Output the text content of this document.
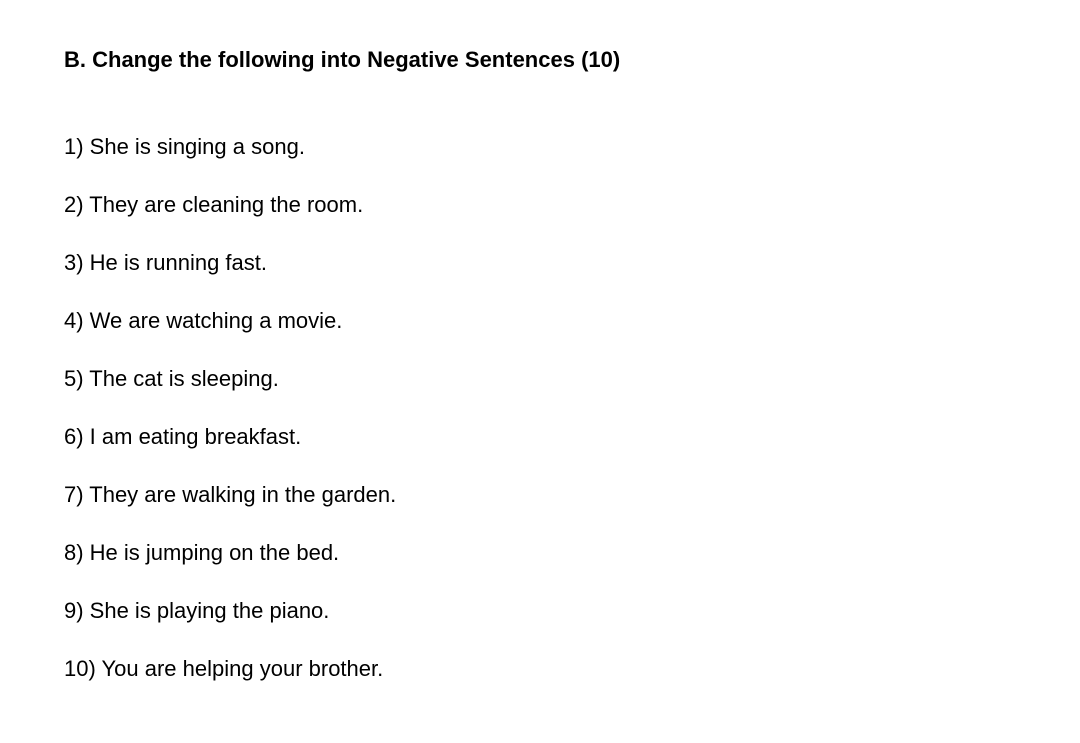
B. Change the following into Negative Sentences (10)
1) She is singing a song.
2) They are cleaning the room.
3) He is running fast.
4) We are watching a movie.
5) The cat is sleeping.
6) I am eating breakfast.
7) They are walking in the garden.
8) He is jumping on the bed.
9) She is playing the piano.
10) You are helping your brother.
